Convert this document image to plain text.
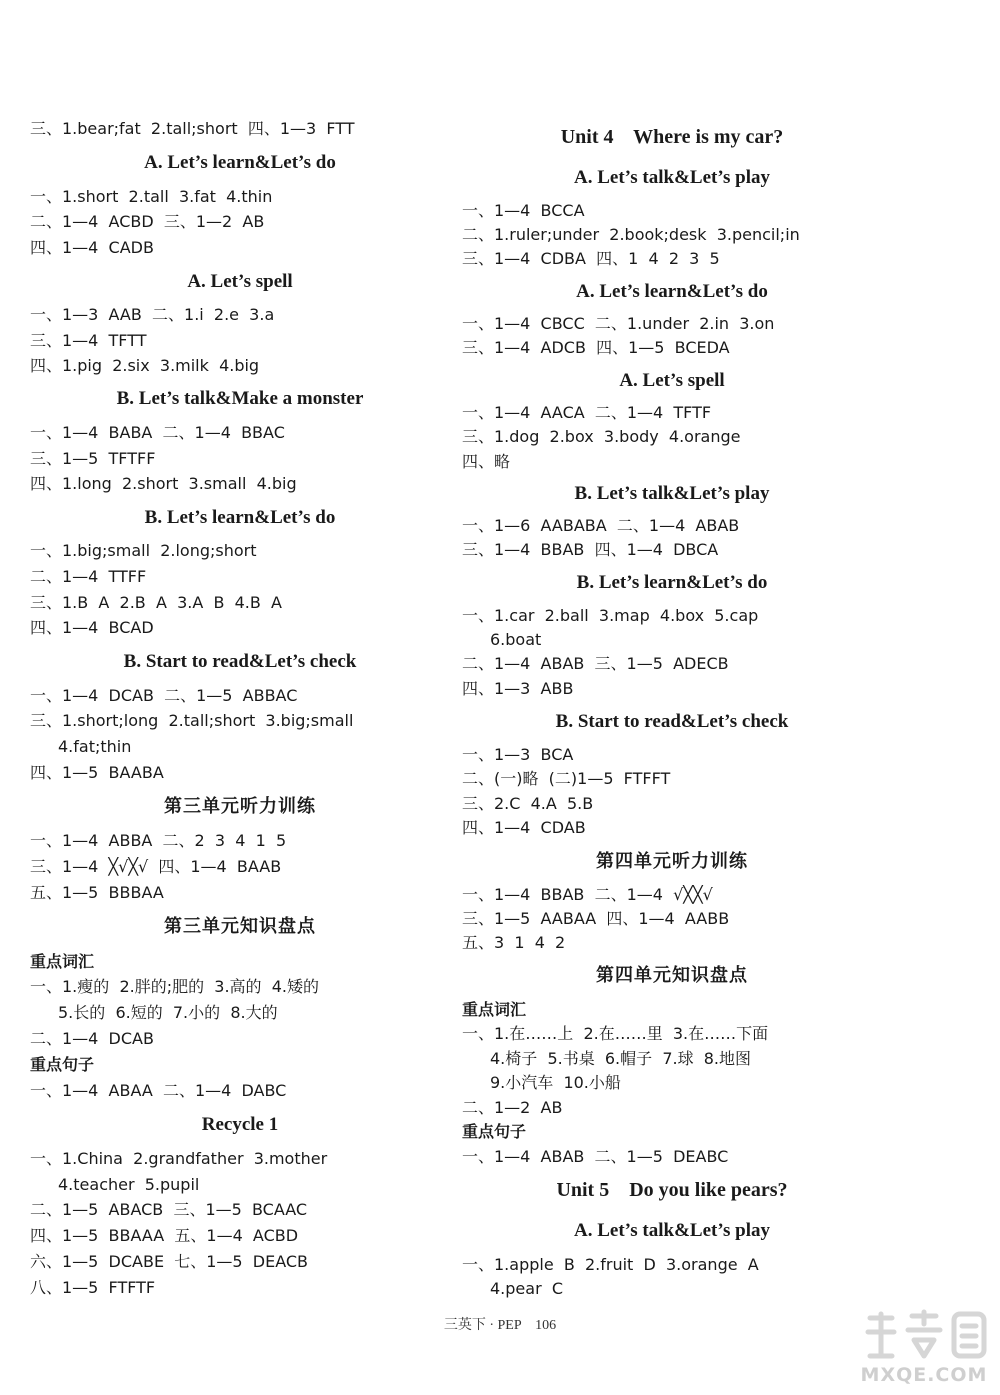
三、1.bear;fat  2.tall;short  四、1—3  FTT
A. Let’s learn&Let’s do
一、1.short  2.tall  3.fat  4.thin
二、1—4  ACBD  三、1—2  AB
四、1—4  CADB
A. Let’s spell
一、1—3  AAB  二、1.i  2.e  3.a
三、1—4  TFTT
四、1.pig  2.six  3.milk  4.big
B. Let’s talk&Make a monster
一、1—4  BABA  二、1—4  BBAC
三、1—5  TFTFF
四、1.long  2.short  3.small  4.big
B. Let’s learn&Let’s do
一、1.big;small  2.long;short
二、1—4  TTFF
三、1.B  A  2.B  A  3.A  B  4.B  A
四、1—4  BCAD
B. Start to read&Let’s check
一、1—4  DCAB  二、1—5  ABBAC
三、1.short;long  2.tall;short  3.big;small
4.fat;thin
四、1—5  BAABA
第三单元听力训练
一、1—4  ABBA  二、2  3  4  1  5
三、1—4  ╳√╳√  四、1—4  BAAB
五、1—5  BBBAA
第三单元知识盘点
重点词汇
一、1.瘦的  2.胖的;肥的  3.高的  4.矮的
5.长的  6.短的  7.小的  8.大的
二、1—4  DCAB
重点句子
一、1—4  ABAA  二、1—4  DABC
Recycle 1
一、1.China  2.grandfather  3.mother
4.teacher  5.pupil
二、1—5  ABACB  三、1—5  BCAAC
四、1—5  BBAAA  五、1—4  ACBD
六、1—5  DCABE  七、1—5  DEACB
八、1—5  FTFTF
Unit 4    Where is my car?
A. Let’s talk&Let’s play
一、1—4  BCCA
二、1.ruler;under  2.book;desk  3.pencil;in
三、1—4  CDBA  四、1  4  2  3  5
A. Let’s learn&Let’s do
一、1—4  CBCC  二、1.under  2.in  3.on
三、1—4  ADCB  四、1—5  BCEDA
A. Let’s spell
一、1—4  AACA  二、1—4  TFTF
三、1.dog  2.box  3.body  4.orange
四、略
B. Let’s talk&Let’s play
一、1—6  AABABA  二、1—4  ABAB
三、1—4  BBAB  四、1—4  DBCA
B. Let’s learn&Let’s do
一、1.car  2.ball  3.map  4.box  5.cap
6.boat
二、1—4  ABAB  三、1—5  ADECB
四、1—3  ABB
B. Start to read&Let’s check
一、1—3  BCA
二、(一)略  (二)1—5  FTFFT
三、2.C  4.A  5.B
四、1—4  CDAB
第四单元听力训练
一、1—4  BBAB  二、1—4  √╳╳√
三、1—5  AABAA  四、1—4  AABB
五、3  1  4  2
第四单元知识盘点
重点词汇
一、1.在……上  2.在……里  3.在……下面
4.椅子  5.书桌  6.帽子  7.球  8.地图
9.小汽车  10.小船
二、1—2  AB
重点句子
一、1—4  ABAB  二、1—5  DEABC
Unit 5    Do you like pears?
A. Let’s talk&Let’s play
一、1.apple  B  2.fruit  D  3.orange  A
4.pear  C
三英下 · PEP    106
MXQE.COM
